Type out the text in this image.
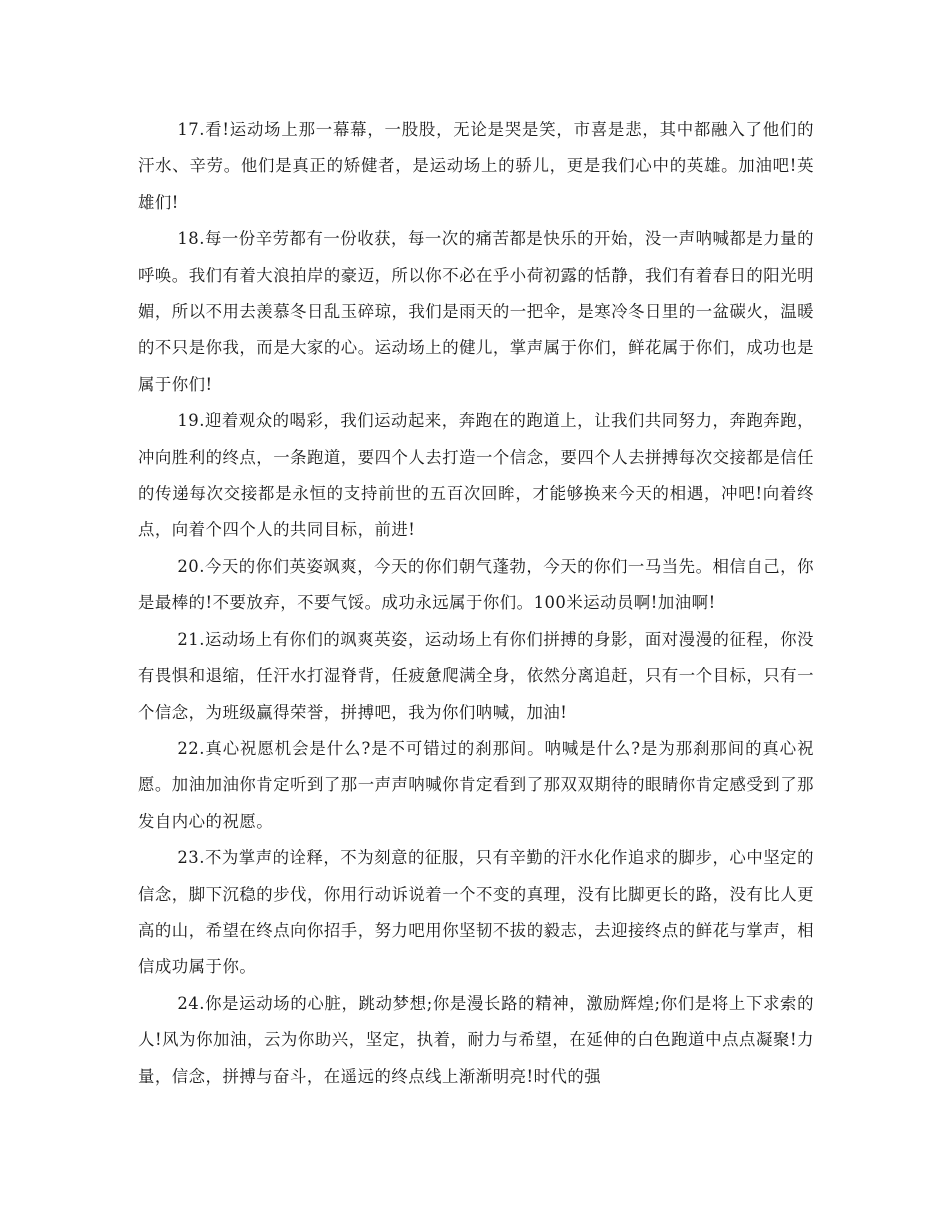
17.看!运动场上那一幕幕，一股股，无论是哭是笑，市喜是悲，其中都融入了他们的汗水、辛劳。他们是真正的矫健者，是运动场上的骄儿，更是我们心中的英雄。加油吧!英雄们!

18.每一份辛劳都有一份收获，每一次的痛苦都是快乐的开始，没一声呐喊都是力量的呼唤。我们有着大浪拍岸的豪迈，所以你不必在乎小荷初露的恬静，我们有着春日的阳光明媚，所以不用去羡慕冬日乱玉碎琼，我们是雨天的一把伞，是寒冷冬日里的一盆碳火，温暖的不只是你我，而是大家的心。运动场上的健儿，掌声属于你们，鲜花属于你们，成功也是属于你们!

19.迎着观众的喝彩，我们运动起来，奔跑在的跑道上，让我们共同努力，奔跑奔跑，冲向胜利的终点，一条跑道，要四个人去打造一个信念，要四个人去拼搏每次交接都是信任的传递每次交接都是永恒的支持前世的五百次回眸，才能够换来今天的相遇，冲吧!向着终点，向着个四个人的共同目标，前进!

20.今天的你们英姿飒爽，今天的你们朝气蓬勃，今天的你们一马当先。相信自己，你是最棒的!不要放弃，不要气馁。成功永远属于你们。100米运动员啊!加油啊!

21.运动场上有你们的飒爽英姿，运动场上有你们拼搏的身影，面对漫漫的征程，你没有畏惧和退缩，任汗水打湿脊背，任疲惫爬满全身，依然分离追赶，只有一个目标，只有一个信念，为班级赢得荣誉，拼搏吧，我为你们呐喊，加油!

22.真心祝愿机会是什么?是不可错过的刹那间。呐喊是什么?是为那刹那间的真心祝愿。加油加油你肯定听到了那一声声呐喊你肯定看到了那双双期待的眼睛你肯定感受到了那发自内心的祝愿。

23.不为掌声的诠释，不为刻意的征服，只有辛勤的汗水化作追求的脚步，心中坚定的信念，脚下沉稳的步伐，你用行动诉说着一个不变的真理，没有比脚更长的路，没有比人更高的山，希望在终点向你招手，努力吧用你坚韧不拔的毅志，去迎接终点的鲜花与掌声，相信成功属于你。

24.你是运动场的心脏，跳动梦想;你是漫长路的精神，激励辉煌;你们是将上下求索的人!风为你加油，云为你助兴，坚定，执着，耐力与希望，在延伸的白色跑道中点点凝聚!力量，信念，拼搏与奋斗，在遥远的终点线上渐渐明亮!时代的强
